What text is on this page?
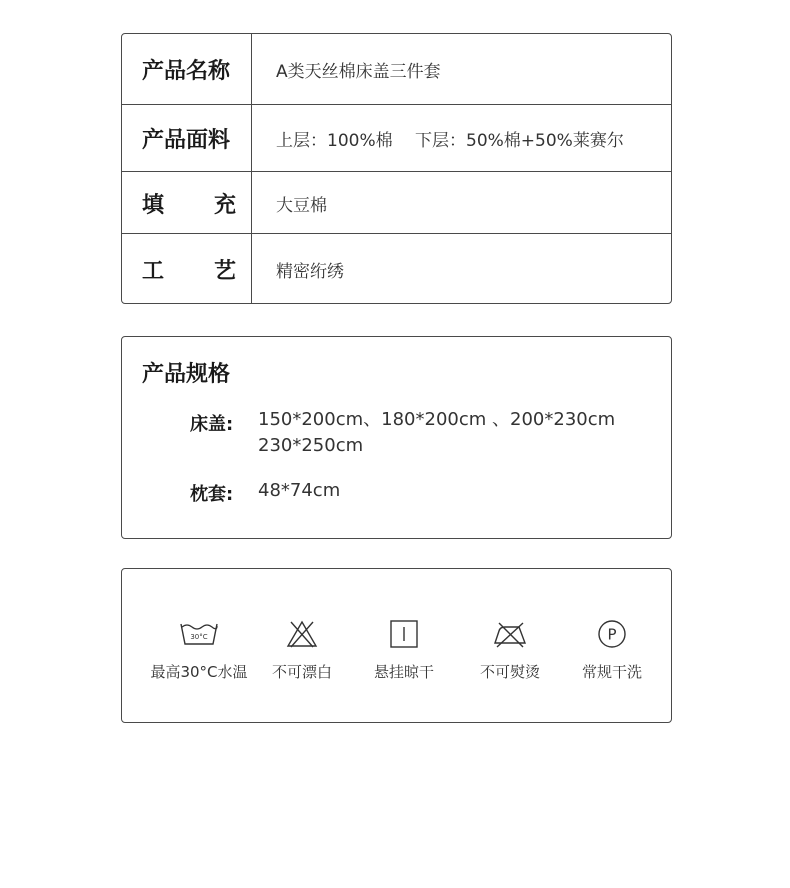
产品名称	A类天丝棉床盖三件套
产品面料	上层：100%棉　 下层：50%棉+50%莱赛尔
填 充	大豆棉
工 艺	精密绗绣
产品规格
床盖: 150*200cm、180*200cm 、200*230cm
230*250cm
枕套: 48*74cm
30°C
最高30°C水温	不可漂白	悬挂晾干	不可熨烫
P
常规干洗
